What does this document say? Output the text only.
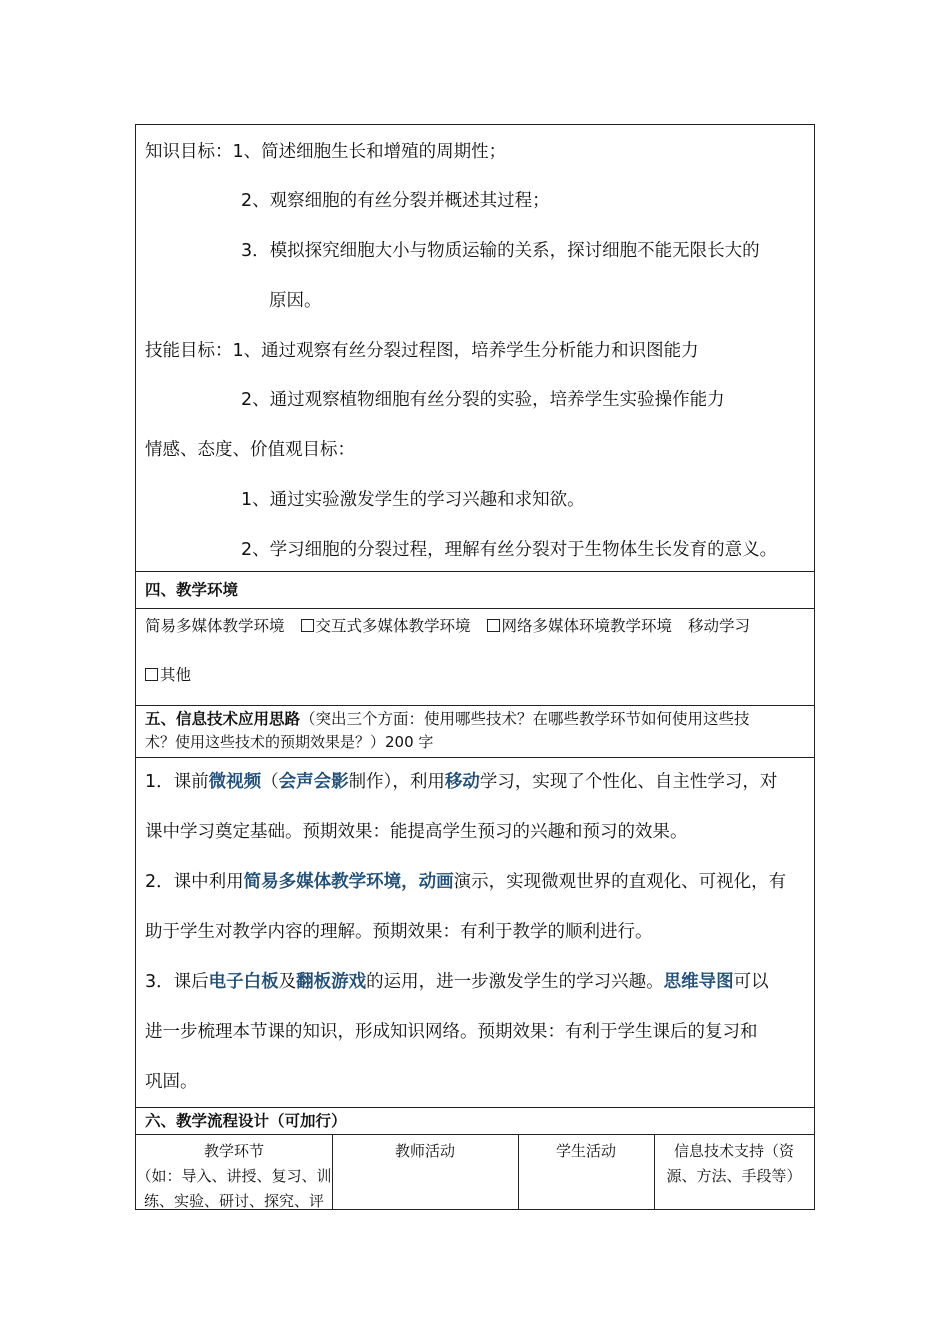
知识目标：1、简述细胞生长和增殖的周期性；
2、观察细胞的有丝分裂并概述其过程；
3．模拟探究细胞大小与物质运输的关系，探讨细胞不能无限长大的
原因。
技能目标：1、通过观察有丝分裂过程图，培养学生分析能力和识图能力
2、通过观察植物细胞有丝分裂的实验，培养学生实验操作能力
情感、态度、价值观目标：
1、通过实验激发学生的学习兴趣和求知欲。
2、学习细胞的分裂过程，理解有丝分裂对于生物体生长发育的意义。
四、教学环境
简易多媒体教学环境 交互式多媒体教学环境 网络多媒体环境教学环境 移动学习
其他
五、信息技术应用思路（突出三个方面：使用哪些技术？在哪些教学环节如何使用这些技
术？使用这些技术的预期效果是？）200 字
1．课前微视频（会声会影制作），利用移动学习，实现了个性化、自主性学习，对
课中学习奠定基础。预期效果：能提高学生预习的兴趣和预习的效果。
2．课中利用简易多媒体教学环境，动画演示，实现微观世界的直观化、可视化，有
助于学生对教学内容的理解。预期效果：有利于教学的顺利进行。
3．课后电子白板及翻板游戏的运用，进一步激发学生的学习兴趣。思维导图可以
进一步梳理本节课的知识，形成知识网络。预期效果：有利于学生课后的复习和
巩固。
六、教学流程设计（可加行）
教学环节
（如：导入、讲授、复习、训
练、实验、研讨、探究、评
教师活动	学生活动	信息技术支持（资
源、方法、手段等）
